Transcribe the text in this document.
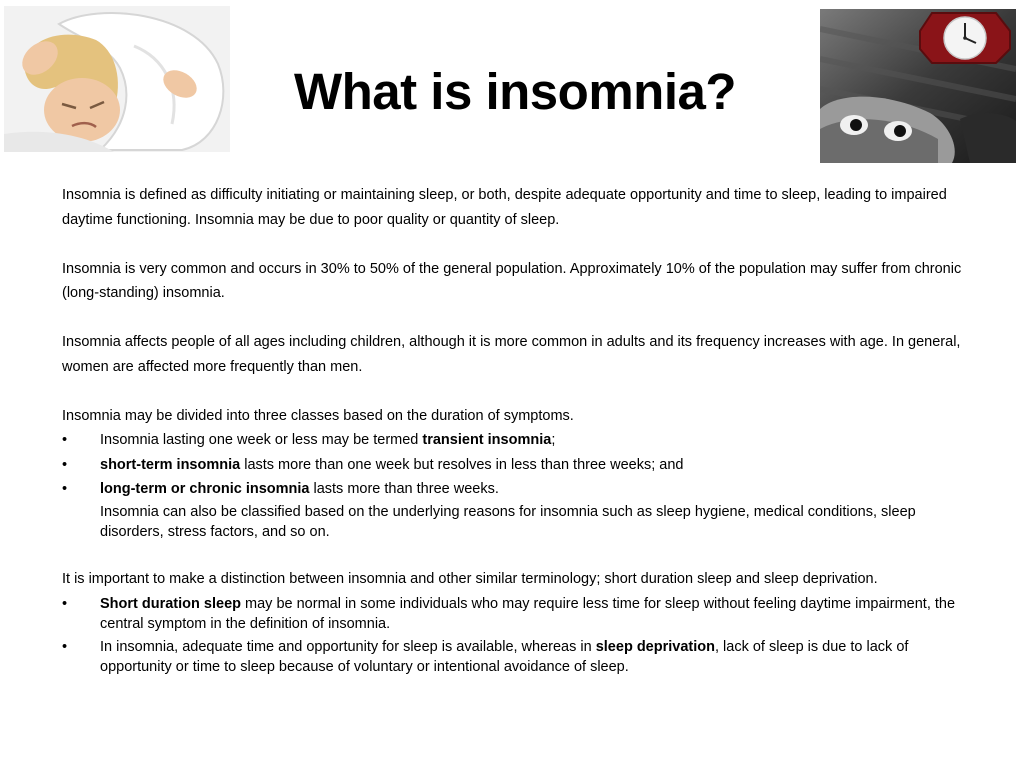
What is insomnia?

Insomnia is defined as difficulty initiating or maintaining sleep, or both, despite adequate opportunity and time to sleep, leading to impaired daytime functioning. Insomnia may be due to poor quality or quantity of sleep.

Insomnia is very common and occurs in 30% to 50% of the general population. Approximately 10% of the population may suffer from chronic (long-standing) insomnia.

Insomnia affects people of all ages including children, although it is more common in adults and its frequency increases with age. In general, women are affected more frequently than men.

Insomnia may be divided into three classes based on the duration of symptoms.

• Insomnia lasting one week or less may be termed transient insomnia;
• short-term insomnia lasts more than one week but resolves in less than three weeks; and
• long-term or chronic insomnia lasts more than three weeks.

Insomnia can also be classified based on the underlying reasons for insomnia such as sleep hygiene, medical conditions, sleep disorders, stress factors, and so on.

It is important to make a distinction between insomnia and other similar terminology; short duration sleep and sleep deprivation.

• Short duration sleep may be normal in some individuals who may require less time for sleep without feeling daytime impairment, the central symptom in the definition of insomnia.
• In insomnia, adequate time and opportunity for sleep is available, whereas in sleep deprivation, lack of sleep is due to lack of opportunity or time to sleep because of voluntary or intentional avoidance of sleep.
